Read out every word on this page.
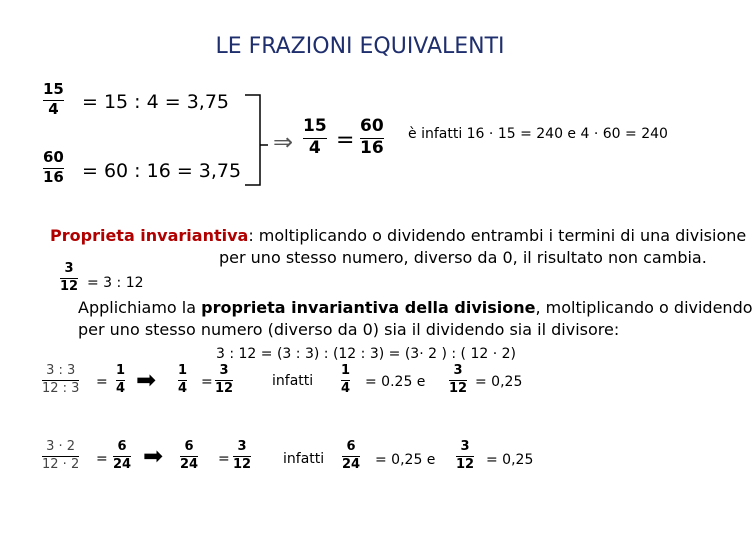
LE FRAZIONI EQUIVALENTI
15
4 = 15 : 4 = 3,75
60
16 = 60 : 16 = 3,75
⇒
15
4 =
60
16
è infatti 16 · 15 = 240 e 4 · 60 = 240
Proprieta invariantiva: moltiplicando o dividendo entrambi i termini di una divisione
per uno stesso numero, diverso da 0, il risultato non cambia.
3
12 = 3 : 12
Applichiamo la proprieta invariantiva della divisione, moltiplicando o dividendo
per uno stesso numero (diverso da 0) sia il dividendo sia il divisore:
3 : 12 = (3 : 3) : (12 : 3) = (3· 2 ) : ( 12 · 2)
3 : 3
12 : 3 =
1
4 ➡ 1
4 =
3
12	infatti
1
4 = 0.25 e
3
12 = 0,25
3 · 2
12 · 2 =
6
24 ➡ 6
24 =
3
12 infatti
6
24 = 0,25 e
3
12 = 0,25
